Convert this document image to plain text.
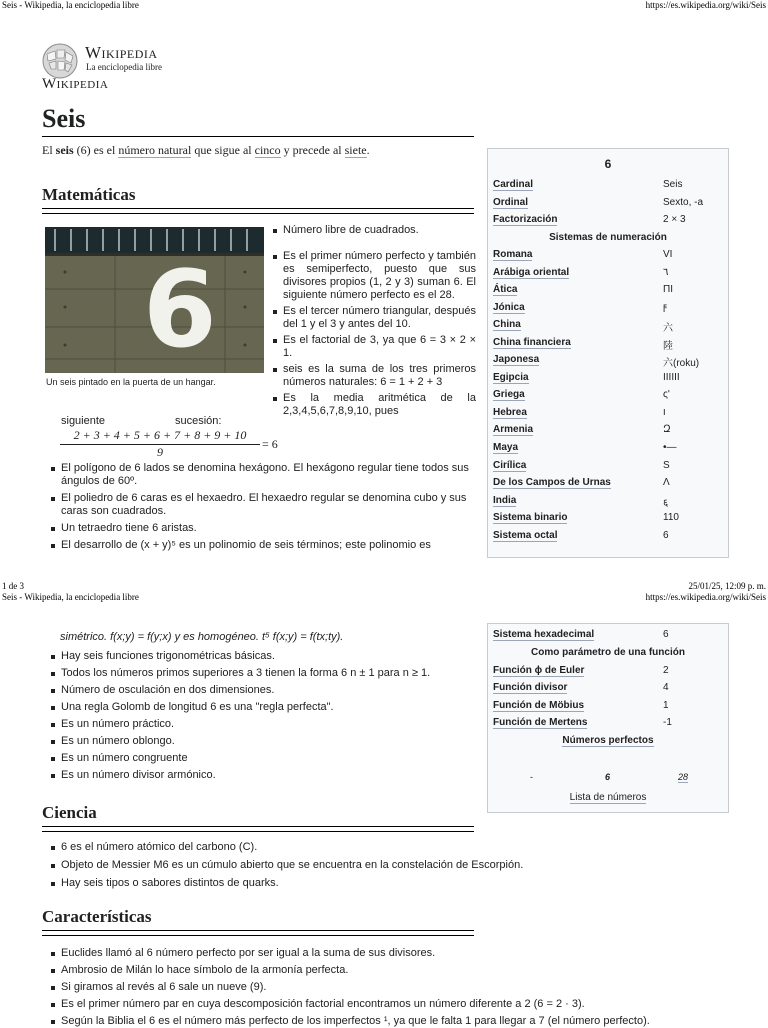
Seis - Wikipedia, la enciclopedia libre	https://es.wikipedia.org/wiki/Seis
Wikipedia
La enciclopedia libre
Wikipedia
Seis
El seis (6) es el número natural que sigue al cinco y precede al siete.
Matemáticas
6
Un seis pintado en la puerta de un hangar.
Número libre de cuadrados.
Es el primer número perfecto y también es semiperfecto, puesto que sus divisores propios (1, 2 y 3) suman 6. El siguiente número perfecto es el 28.
Es el tercer número triangular, después del 1 y el 3 y antes del 10.
Es el factorial de 3, ya que 6 = 3 × 2 × 1.
seis es la suma de los tres primeros números naturales: 6 = 1 + 2 + 3
Es la media aritmética de la 2,3,4,5,6,7,8,9,10, pues
siguiente	sucesión:
2 + 3 + 4 + 5 + 6 + 7 + 8 + 9 + 10
9
= 6
El polígono de 6 lados se denomina hexágono. El hexágono regular tiene todos sus ángulos de 60º.
El poliedro de 6 caras es el hexaedro. El hexaedro regular se denomina cubo y sus caras son cuadrados.
Un tetraedro tiene 6 aristas.
El desarrollo de (x + y)⁵ es un polinomio de seis términos; este polinomio es
6
Cardinal	Seis
Ordinal	Sexto, -a
Factorización	2 × 3
Sistemas de numeración
Romana	VI
Arábiga oriental	٦
Ática	ΠΙ
Jónica	ϝ
China	六
China financiera	陸
Japonesa	六(roku)
Egipcia	IIIIII
Griega	ς'
Hebrea	ו
Armenia	Զ
Maya	•—
Cirílica	S
De los Campos de Urnas	Λ
India	६
Sistema binario	110
Sistema octal	6
1 de 3	25/01/25, 12:09 p. m.
Seis - Wikipedia, la enciclopedia libre	https://es.wikipedia.org/wiki/Seis
simétrico. f(x;y) = f(y;x) y es homogéneo. t⁵ f(x;y) = f(tx;ty).
Hay seis funciones trigonométricas básicas.
Todos los números primos superiores a 3 tienen la forma 6 n ± 1 para n ≥ 1.
Número de osculación en dos dimensiones.
Una regla Golomb de longitud 6 es una "regla perfecta".
Es un número práctico.
Es un número oblongo.
Es un número congruente
Es un número divisor armónico.
Sistema hexadecimal	6
Como parámetro de una función
Función ϕ de Euler	2
Función divisor	4
Función de Möbius	1
Función de Mertens	-1
Números perfectos
-	6	28
Lista de números
Ciencia
6 es el número atómico del carbono (C).
Objeto de Messier M6 es un cúmulo abierto que se encuentra en la constelación de Escorpión.
Hay seis tipos o sabores distintos de quarks.
Características
Euclides llamó al 6 número perfecto por ser igual a la suma de sus divisores.
Ambrosio de Milán lo hace símbolo de la armonía perfecta.
Si giramos al revés al 6 sale un nueve (9).
Es el primer número par en cuya descomposición factorial encontramos un número diferente a 2 (6 = 2 · 3).
Según la Biblia el 6 es el número más perfecto de los imperfectos ¹, ya que le falta 1 para llegar a 7 (el número perfecto).
